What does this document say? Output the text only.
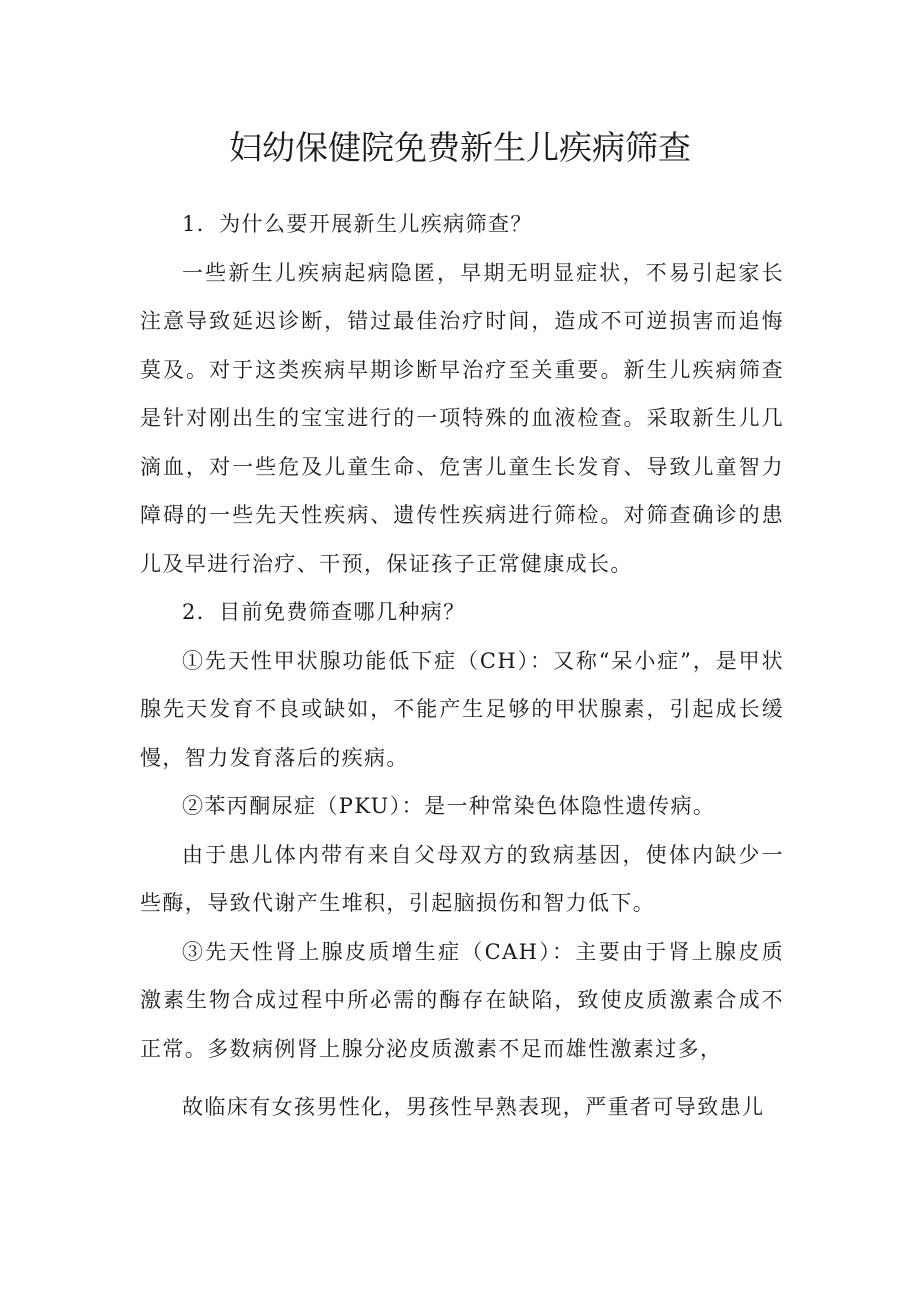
妇幼保健院免费新生儿疾病筛查

1．为什么要开展新生儿疾病筛查？

一些新生儿疾病起病隐匿，早期无明显症状，不易引起家长注意导致延迟诊断，错过最佳治疗时间，造成不可逆损害而追悔莫及。对于这类疾病早期诊断早治疗至关重要。新生儿疾病筛查是针对刚出生的宝宝进行的一项特殊的血液检查。采取新生儿几滴血，对一些危及儿童生命、危害儿童生长发育、导致儿童智力障碍的一些先天性疾病、遗传性疾病进行筛检。对筛查确诊的患儿及早进行治疗、干预，保证孩子正常健康成长。

2．目前免费筛查哪几种病？

①先天性甲状腺功能低下症（CH）：又称“呆小症”，是甲状腺先天发育不良或缺如，不能产生足够的甲状腺素，引起成长缓慢，智力发育落后的疾病。

②苯丙酮尿症（PKU）：是一种常染色体隐性遗传病。

由于患儿体内带有来自父母双方的致病基因，使体内缺少一些酶，导致代谢产生堆积，引起脑损伤和智力低下。

③先天性肾上腺皮质增生症（CAH）：主要由于肾上腺皮质激素生物合成过程中所必需的酶存在缺陷，致使皮质激素合成不正常。多数病例肾上腺分泌皮质激素不足而雄性激素过多，

故临床有女孩男性化，男孩性早熟表现，严重者可导致患儿
